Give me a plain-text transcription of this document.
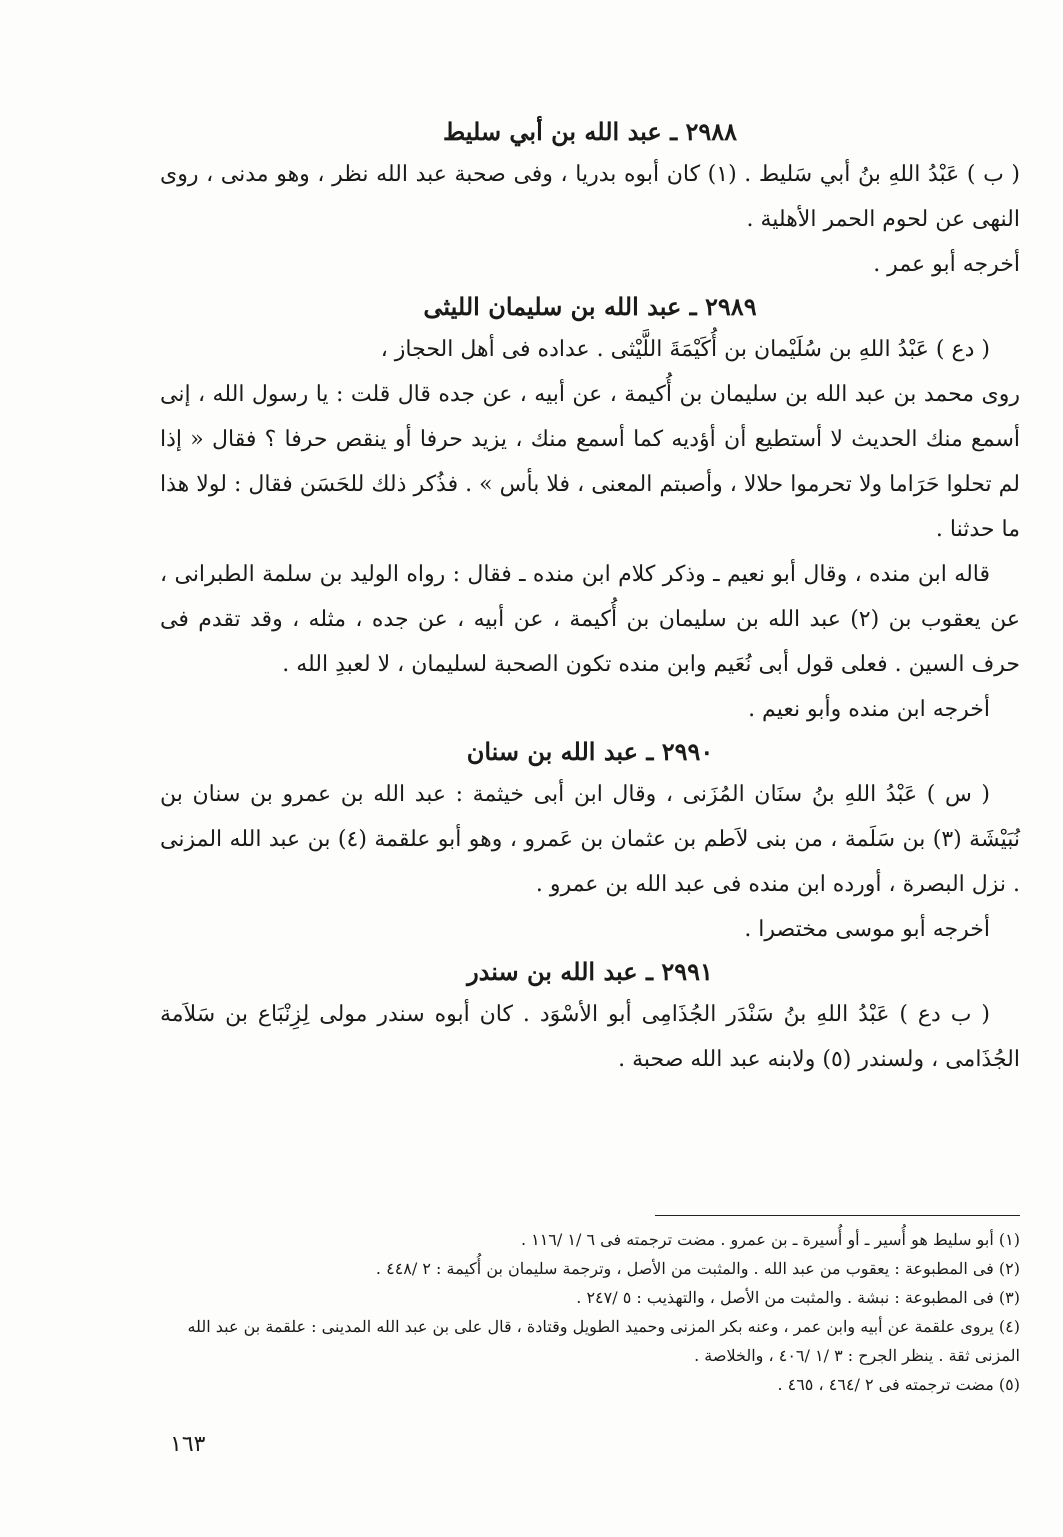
٢٩٨٨ ـ عبد الله بن أبي سليط

( ب ) عَبْدُ اللهِ بنُ أبي سَليط . (١) كان أبوه بدريا ، وفى صحبة عبد الله نظر ، وهو مدنى ، روى النهى عن لحوم الحمر الأهلية .

أخرجه أبو عمر .

٢٩٨٩ ـ عبد الله بن سليمان الليثى

( دع ) عَبْدُ اللهِ بن سُلَيْمان بن أُكَيْمَةَ اللَّيْثى . عداده فى أهل الحجاز ،

روى محمد بن عبد الله بن سليمان بن أُكيمة ، عن أبيه ، عن جده قال قلت : يا رسول الله ، إنى أسمع منك الحديث لا أستطيع أن أؤديه كما أسمع منك ، يزيد حرفا أو ينقص حرفا ؟ فقال « إذا لم تحلوا حَرَاما ولا تحرموا حلالا ، وأصبتم المعنى ، فلا بأس » . فذُكر ذلك للحَسَن فقال : لولا هذا ما حدثنا .

قاله ابن منده ، وقال أبو نعيم ـ وذكر كلام ابن منده ـ فقال : رواه الوليد بن سلمة الطبرانى ، عن يعقوب بن (٢) عبد الله بن سليمان بن أُكيمة ، عن أبيه ، عن جده ، مثله ، وقد تقدم فى حرف السين . فعلى قول أبى نُعَيم وابن منده تكون الصحبة لسليمان ، لا لعبدِ الله .

أخرجه ابن منده وأبو نعيم .

٢٩٩٠ ـ عبد الله بن سنان

( س ) عَبْدُ اللهِ بنُ سنَان المُزَنى ، وقال ابن أبى خيثمة : عبد الله بن عمرو بن سنان بن نُبَيْشَة (٣) بن سَلَمة ، من بنى لاَطم بن عثمان بن عَمرو ، وهو أبو علقمة (٤) بن عبد الله المزنى . نزل البصرة ، أورده ابن منده فى عبد الله بن عمرو .

أخرجه أبو موسى مختصرا .

٢٩٩١ ـ عبد الله بن سندر

( ب دع ) عَبْدُ اللهِ بنُ سَنْدَر الجُذَامِى أبو الأسْوَد . كان أبوه سندر مولى لِزِنْبَاع بن سَلاَمة الجُذَامى ، ولسندر (٥) ولابنه عبد الله صحبة .

(١) أبو سليط هو أُسير ـ أو أُسيرة ـ بن عمرو . مضت ترجمته فى ٦ /١ /١١٦ .

(٢) فى المطبوعة : يعقوب من عبد الله . والمثبت من الأصل ، وترجمة سليمان بن أُكيمة : ٢ /٤٤٨ .

(٣) فى المطبوعة : نبشة . والمثبت من الأصل ، والتهذيب : ٥ /٢٤٧ .

(٤) يروى علقمة عن أبيه وابن عمر ، وعنه بكر المزنى وحميد الطويل وقتادة ، قال على بن عبد الله المدينى : علقمة بن عبد الله المزنى ثقة . ينظر الجرح : ٣ /١ /٤٠٦ ، والخلاصة .

(٥) مضت ترجمته فى ٢ /٤٦٤ ، ٤٦٥ .

١٦٣
